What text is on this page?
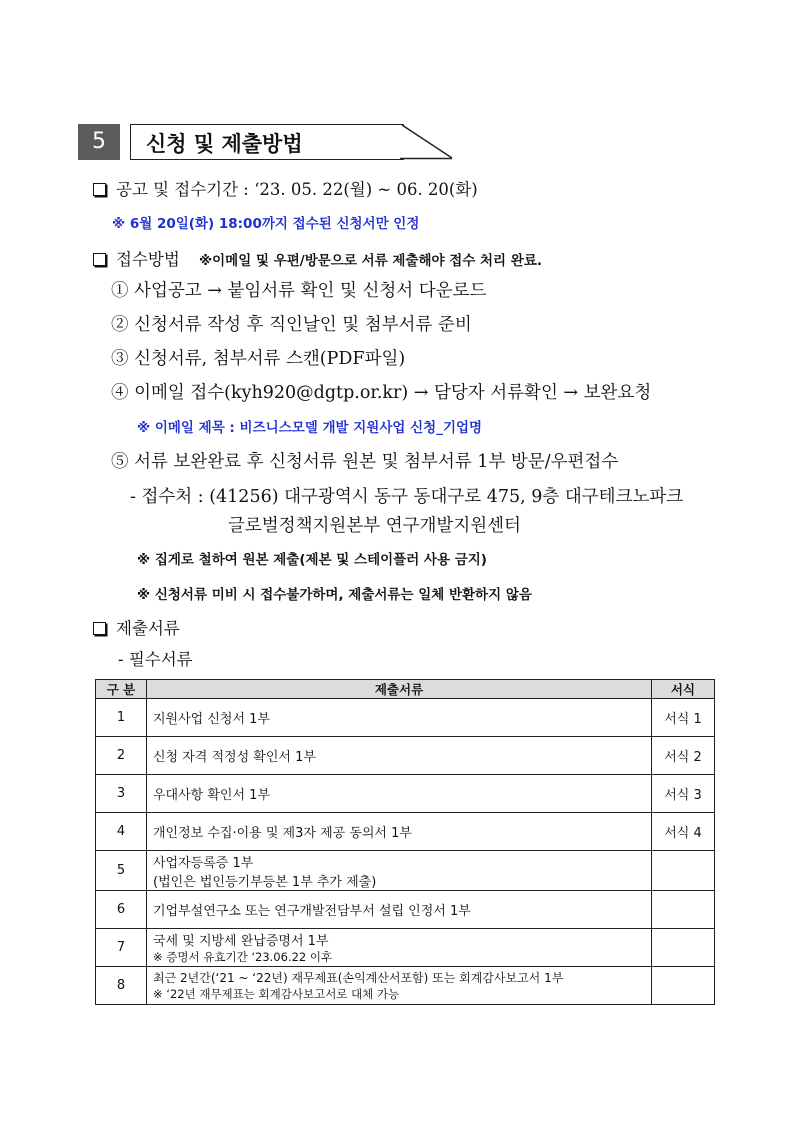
5	신청 및 제출방법
공고 및 접수기간 : ‘23. 05. 22(월) ~ 06. 20(화)
※ 6월 20일(화) 18:00까지 접수된 신청서만 인정
접수방법 ※이메일 및 우편/방문으로 서류 제출해야 접수 처리 완료.
① 사업공고 → 붙임서류 확인 및 신청서 다운로드
② 신청서류 작성 후 직인날인 및 첨부서류 준비
③ 신청서류, 첨부서류 스캔(PDF파일)
④ 이메일 접수(kyh920@dgtp.or.kr) → 담당자 서류확인 → 보완요청
※ 이메일 제목 : 비즈니스모델 개발 지원사업 신청_기업명
⑤ 서류 보완완료 후 신청서류 원본 및 첨부서류 1부 방문/우편접수
- 접수처 : (41256) 대구광역시 동구 동대구로 475, 9층 대구테크노파크
글로벌정책지원본부 연구개발지원센터
※ 집게로 철하여 원본 제출(제본 및 스테이플러 사용 금지)
※ 신청서류 미비 시 접수불가하며, 제출서류는 일체 반환하지 않음
제출서류
- 필수서류
구 분	제출서류	서식
1	지원사업 신청서 1부	서식 1
2	신청 자격 적정성 확인서 1부	서식 2
3	우대사항 확인서 1부	서식 3
4	개인정보 수집·이용 및 제3자 제공 동의서 1부	서식 4
5	사업자등록증 1부
(법인은 법인등기부등본 1부 추가 제출)	

6	기업부설연구소 또는 연구개발전담부서 설립 인정서 1부	
7	국세 및 지방세 완납증명서 1부
※ 증명서 유효기간 ‘23.06.22 이후	

8	최근 2년간(‘21 ~ ‘22년) 재무제표(손익계산서포함) 또는 회계감사보고서 1부
※ ‘22년 재무제표는 회계감사보고서로 대체 가능	
